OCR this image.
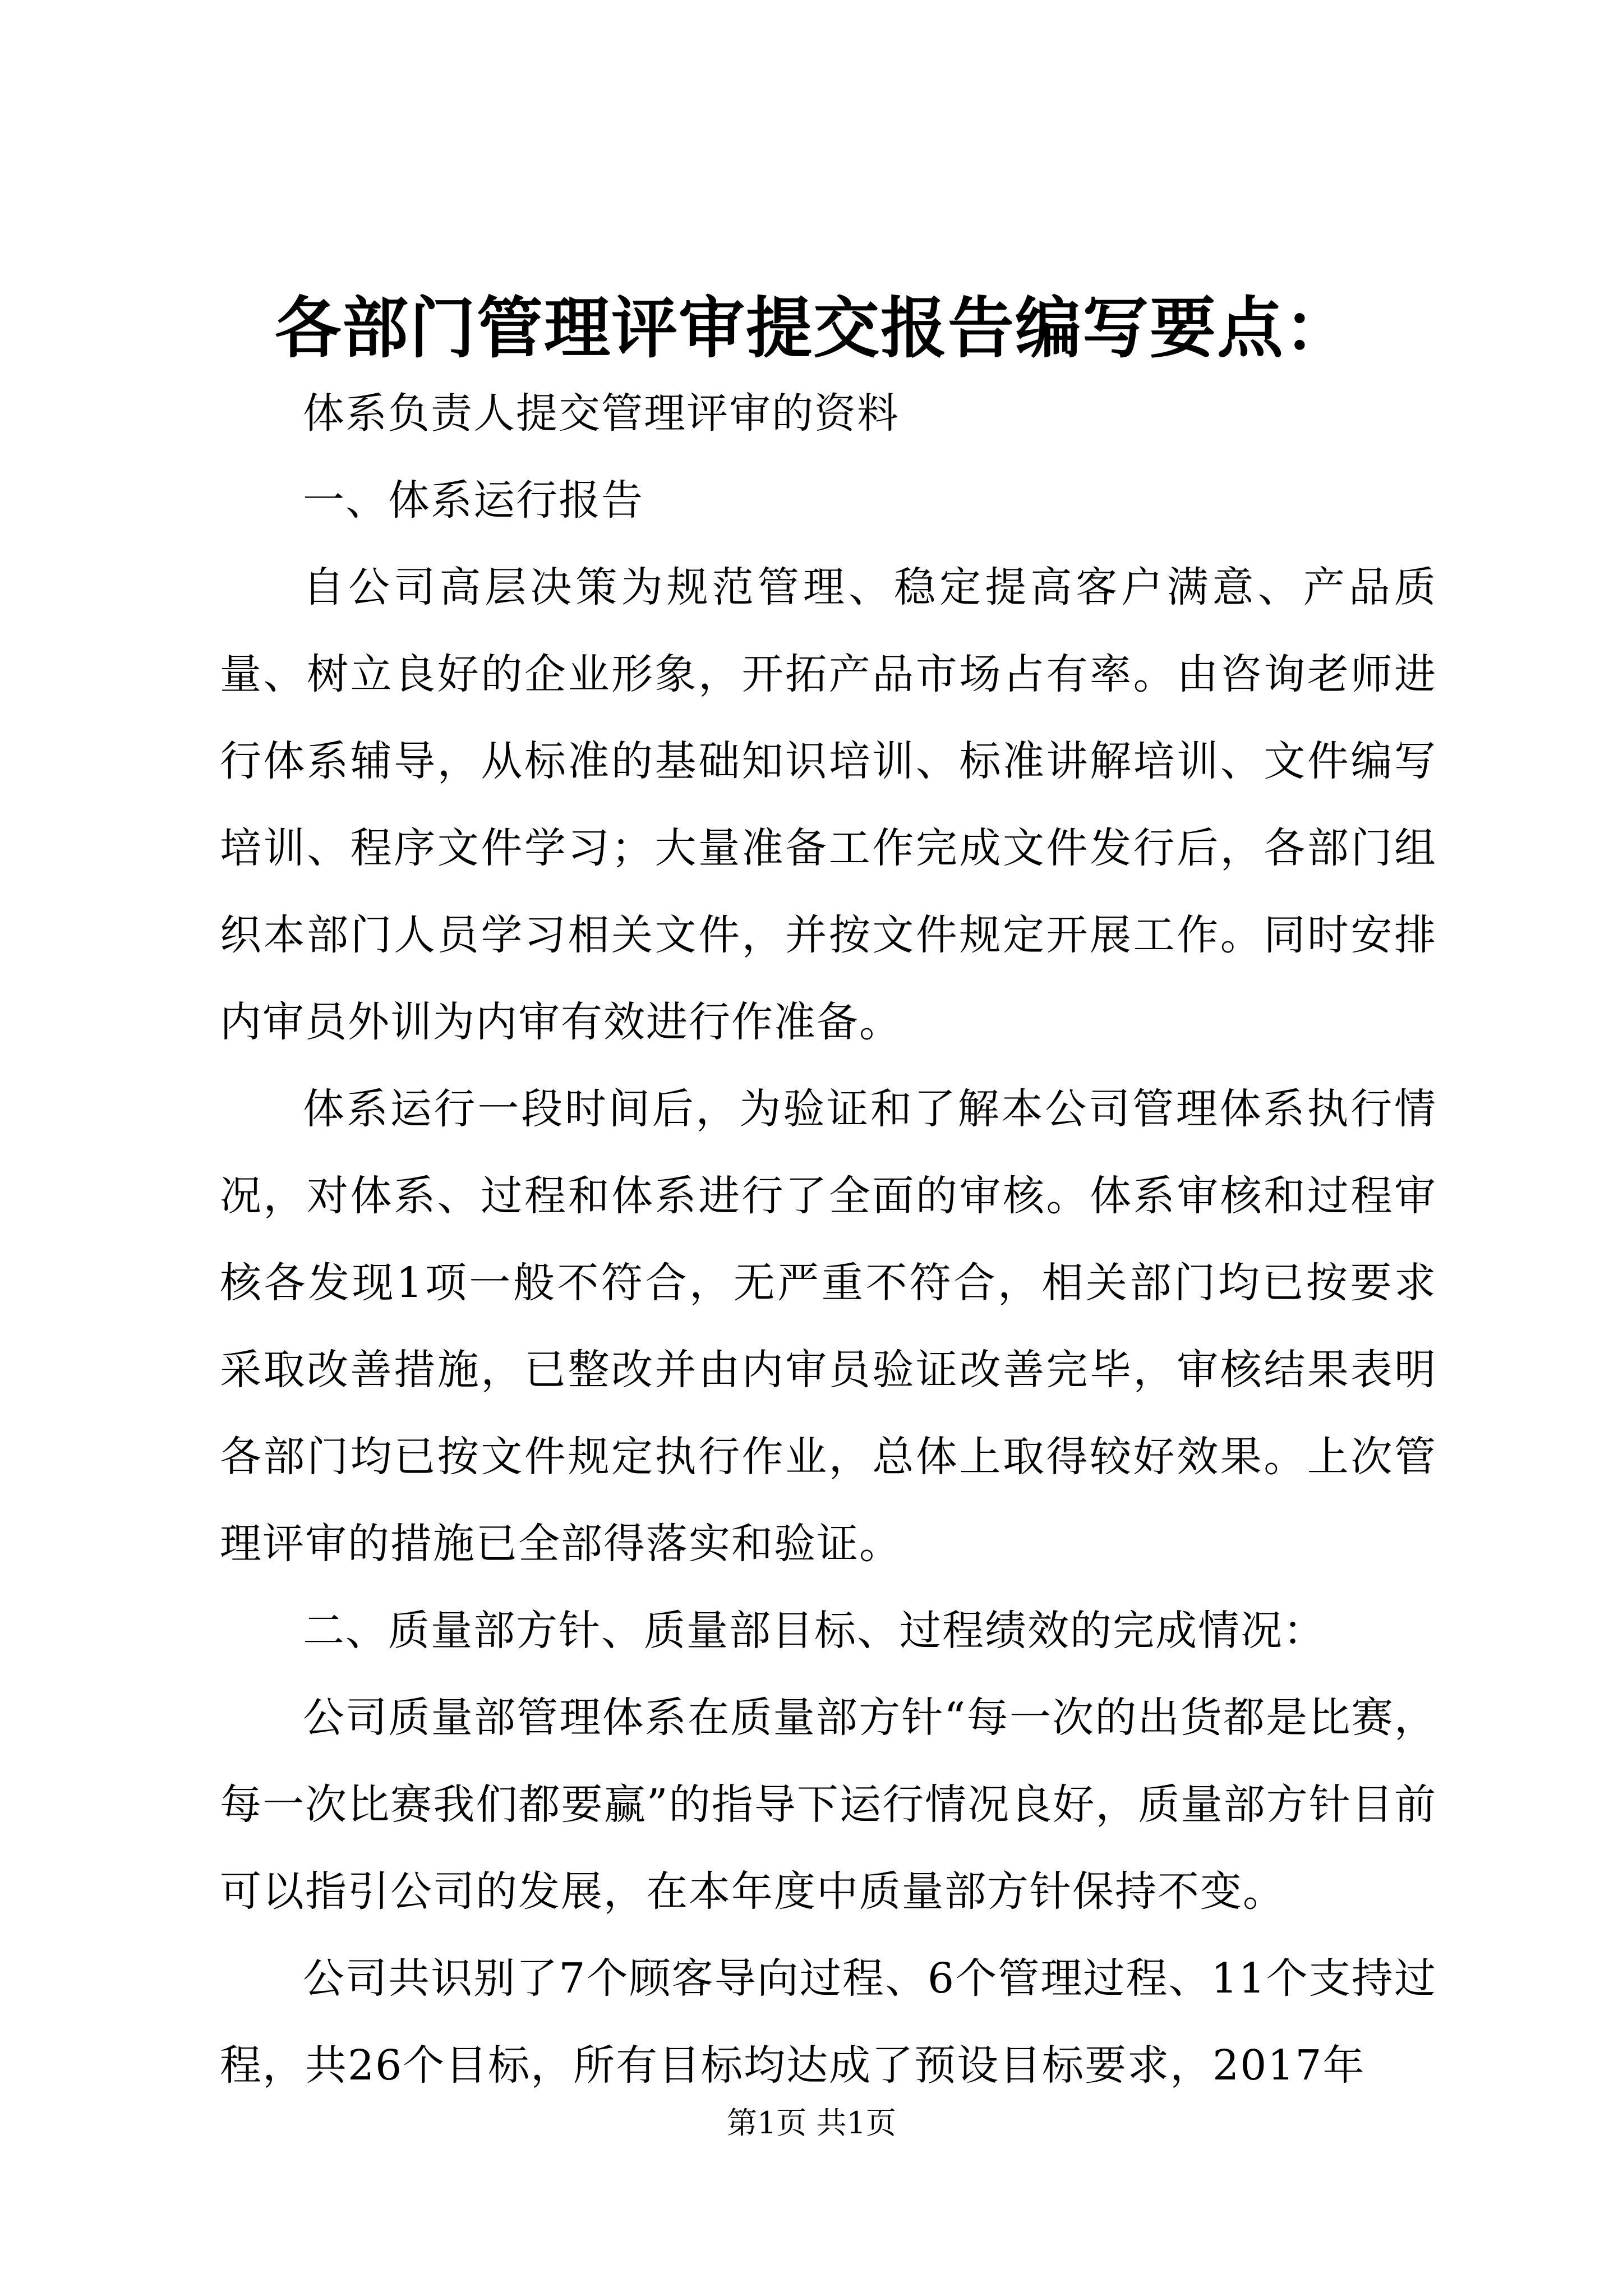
各部门管理评审提交报告编写要点：

体系负责人提交管理评审的资料

一、体系运行报告

自公司高层决策为规范管理、稳定提高客户满意、产品质量、树立良好的企业形象，开拓产品市场占有率。由咨询老师进行体系辅导，从标准的基础知识培训、标准讲解培训、文件编写培训、程序文件学习；大量准备工作完成文件发行后，各部门组织本部门人员学习相关文件，并按文件规定开展工作。同时安排内审员外训为内审有效进行作准备。

体系运行一段时间后，为验证和了解本公司管理体系执行情况，对体系、过程和体系进行了全面的审核。体系审核和过程审核各发现1项一般不符合，无严重不符合，相关部门均已按要求采取改善措施，已整改并由内审员验证改善完毕，审核结果表明各部门均已按文件规定执行作业，总体上取得较好效果。上次管理评审的措施已全部得落实和验证。

二、质量部方针、质量部目标、过程绩效的完成情况：

公司质量部管理体系在质量部方针“每一次的出货都是比赛，每一次比赛我们都要赢”的指导下运行情况良好，质量部方针目前可以指引公司的发展，在本年度中质量部方针保持不变。

公司共识别了7个顾客导向过程、6个管理过程、11个支持过程，共26个目标，所有目标均达成了预设目标要求，2017年

第1页 共1页
